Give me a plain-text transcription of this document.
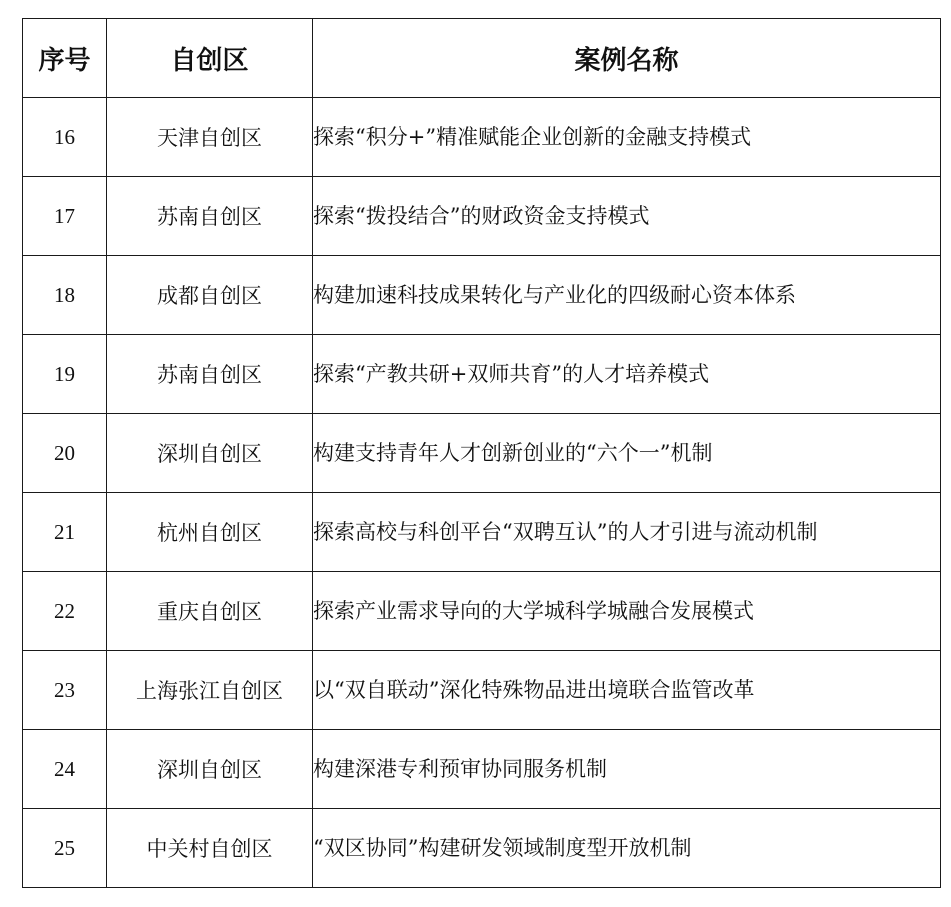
序号	自创区	案例名称
16	天津自创区	探索“积分+”精准赋能企业创新的金融支持模式
17	苏南自创区	探索“拨投结合”的财政资金支持模式
18	成都自创区	构建加速科技成果转化与产业化的四级耐心资本体系
19	苏南自创区	探索“产教共研+双师共育”的人才培养模式
20	深圳自创区	构建支持青年人才创新创业的“六个一”机制
21	杭州自创区	探索高校与科创平台“双聘互认”的人才引进与流动机制
22	重庆自创区	探索产业需求导向的大学城科学城融合发展模式
23	上海张江自创区	以“双自联动”深化特殊物品进出境联合监管改革
24	深圳自创区	构建深港专利预审协同服务机制
25	中关村自创区	“双区协同”构建研发领域制度型开放机制
